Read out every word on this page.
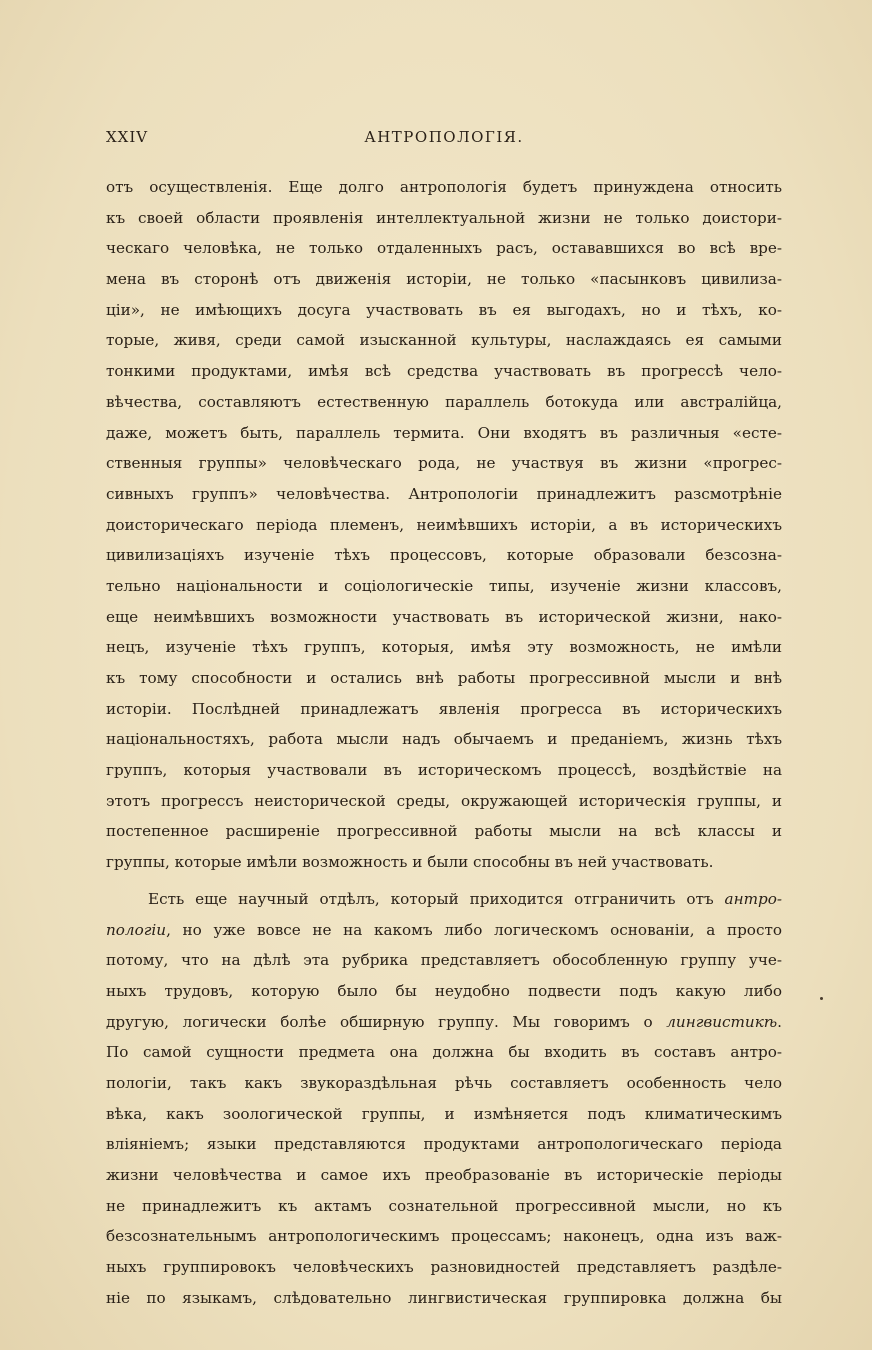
XXIV	АНТРОПОЛОГІЯ.
отъ осуществленія. Еще долго антропологія будетъ принуждена относить
къ своей области проявленія интеллектуальной жизни не только доистори-
ческаго человѣка, не только отдаленныхъ расъ, остававшихся во всѣ вре-
мена въ сторонѣ отъ движенія исторіи, не только «пасынковъ цивилиза-
ціи», не имѣющихъ досуга участвовать въ ея выгодахъ, но и тѣхъ, ко-
торые, живя, среди самой изысканной культуры, наслаждаясь ея самыми
тонкими продуктами, имѣя всѣ средства участвовать въ прогрессѣ чело-
вѣчества, составляютъ естественную параллель ботокуда или австралійца,
даже, можетъ быть, параллель термита. Они входятъ въ различныя «есте-
ственныя группы» человѣческаго рода, не участвуя въ жизни «прогрес-
сивныхъ группъ» человѣчества. Антропологіи принадлежитъ разсмотрѣніе
доисторическаго періода племенъ, неимѣвшихъ исторіи, а въ историческихъ
цивилизаціяхъ изученіе тѣхъ процессовъ, которые образовали безсозна-
тельно національности и соціологическіе типы, изученіе жизни классовъ,
еще неимѣвшихъ возможности участвовать въ исторической жизни, нако-
нецъ, изученіе тѣхъ группъ, которыя, имѣя эту возможность, не имѣли
къ тому способности и остались внѣ работы прогрессивной мысли и внѣ
исторіи. Послѣдней принадлежатъ явленія прогресса въ историческихъ
національностяхъ, работа мысли надъ обычаемъ и преданіемъ, жизнь тѣхъ
группъ, которыя участвовали въ историческомъ процессѣ, воздѣйствіе на
этотъ прогрессъ неисторической среды, окружающей историческія группы, и
постепенное расширеніе прогрессивной работы мысли на всѣ классы и
группы, которые имѣли возможность и были способны въ ней участвовать.
Есть еще научный отдѣлъ, который приходится отграничить отъ антро-
пологіи, но уже вовсе не на какомъ либо логическомъ основаніи, а просто
потому, что на дѣлѣ эта рубрика представляетъ обособленную группу уче-
ныхъ трудовъ, которую было бы неудобно подвести подъ какую либо
другую, логически болѣе обширную группу. Мы говоримъ о лингвистикѣ.
По самой сущности предмета она должна бы входить въ составъ антро-
пологіи, такъ какъ звукораздѣльная рѣчь составляетъ особенность чело
вѣка, какъ зоологической группы, и измѣняется подъ климатическимъ
вліяніемъ; языки представляются продуктами антропологическаго періода
жизни человѣчества и самое ихъ преобразованіе въ историческіе періоды
не принадлежитъ къ актамъ сознательной прогрессивной мысли, но къ
безсознательнымъ антропологическимъ процессамъ; наконецъ, одна изъ важ-
ныхъ группировокъ человѣческихъ разновидностей представляетъ раздѣле-
ніе по языкамъ, слѣдовательно лингвистическая группировка должна бы
